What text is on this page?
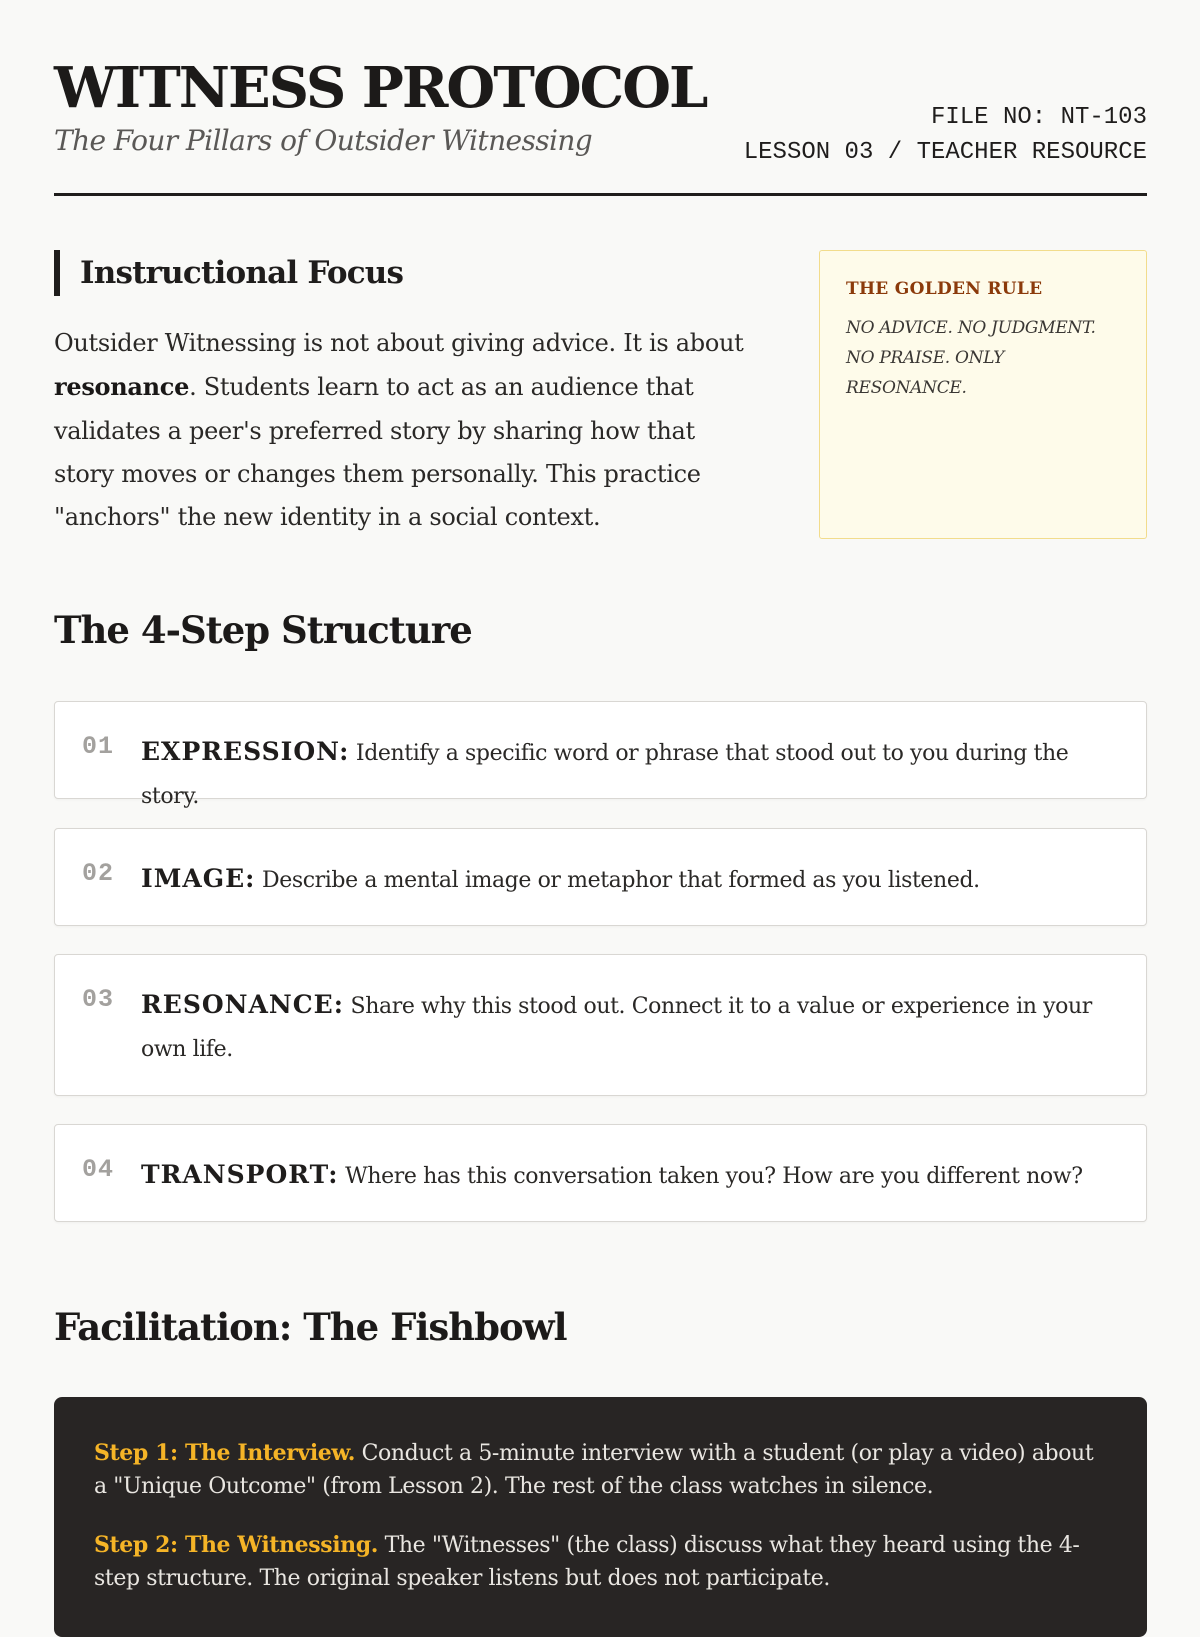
WITNESS PROTOCOL
The Four Pillars of Outsider Witnessing
FILE NO: NT-103
LESSON 03 / TEACHER RESOURCE
Instructional Focus

Outsider Witnessing is not about giving advice. It is about resonance. Students learn to act as an audience that validates a peer's preferred story by sharing how that story moves or changes them personally. This practice "anchors" the new identity in a social context.

THE GOLDEN RULE
NO ADVICE. NO JUDGMENT. NO PRAISE. ONLY RESONANCE.
The 4-Step Structure
01 EXPRESSION: Identify a specific word or phrase that stood out to you during the story.
02 IMAGE: Describe a mental image or metaphor that formed as you listened.
03 RESONANCE: Share why this stood out. Connect it to a value or experience in your own life.
04 TRANSPORT: Where has this conversation taken you? How are you different now?
Facilitation: The Fishbowl

Step 1: The Interview. Conduct a 5-minute interview with a student (or play a video) about a "Unique Outcome" (from Lesson 2). The rest of the class watches in silence.

Step 2: The Witnessing. The "Witnesses" (the class) discuss what they heard using the 4-step structure. The original speaker listens but does not participate.
